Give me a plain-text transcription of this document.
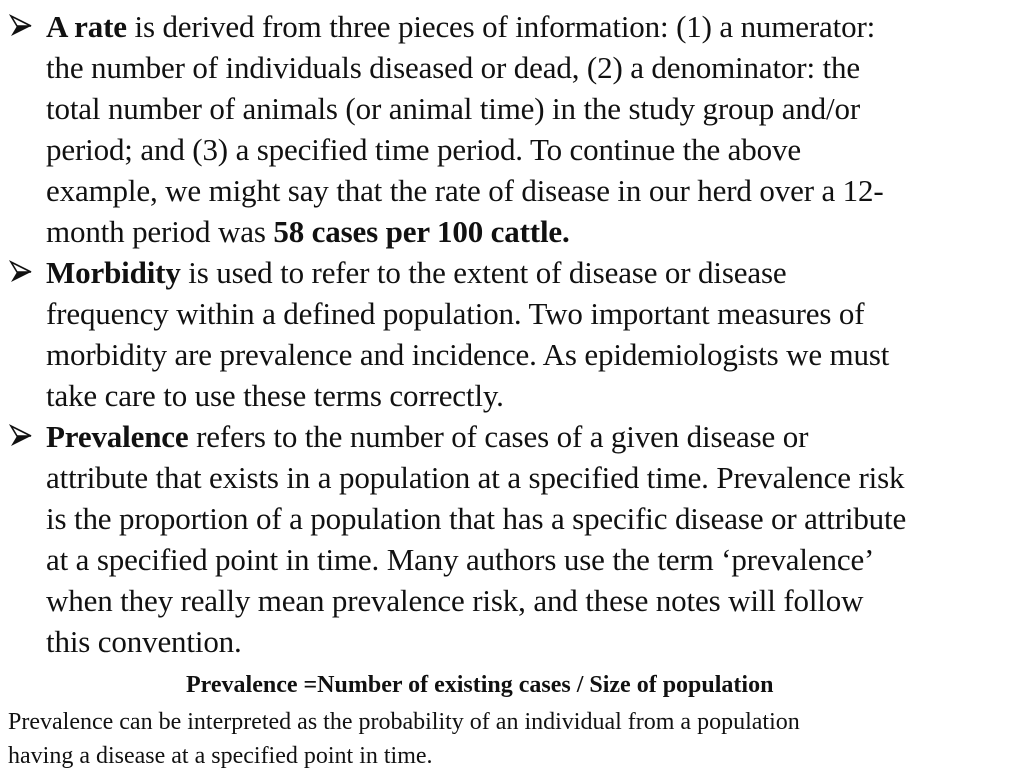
A rate is derived from three pieces of information: (1) a numerator:
the number of individuals diseased or dead, (2) a denominator: the
total number of animals (or animal time) in the study group and/or
period; and (3) a specified time period. To continue the above
example, we might say that the rate of disease in our herd over a 12-
month period was 58 cases per 100 cattle.
Morbidity is used to refer to the extent of disease or disease
frequency within a defined population. Two important measures of
morbidity are prevalence and incidence. As epidemiologists we must
take care to use these terms correctly.
Prevalence refers to the number of cases of a given disease or
attribute that exists in a population at a specified time. Prevalence risk
is the proportion of a population that has a specific disease or attribute
at a specified point in time. Many authors use the term ‘prevalence’
when they really mean prevalence risk, and these notes will follow
this convention.
Prevalence =Number of existing cases / Size of population
Prevalence can be interpreted as the probability of an individual from a population
having a disease at a specified point in time.
